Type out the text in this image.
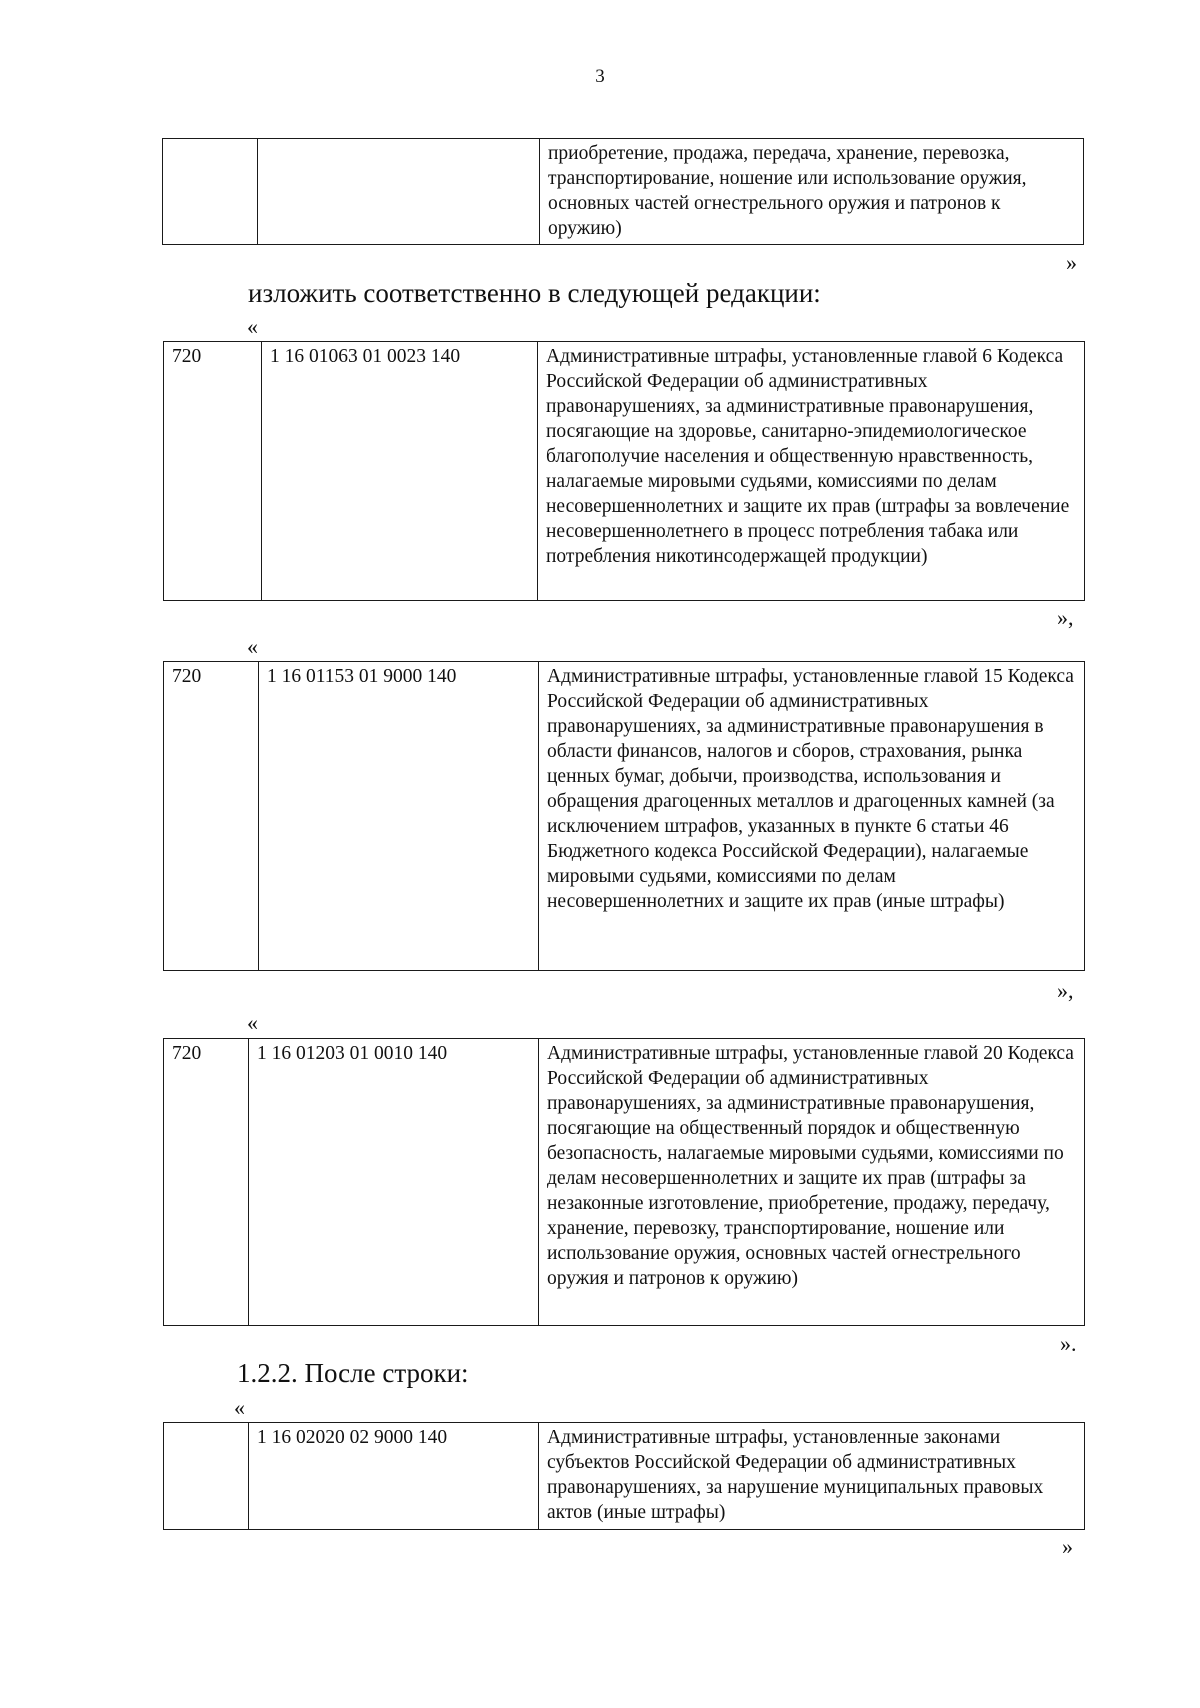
3
		приобретение, продажа, передача, хранение, перевозка, транспортирование, ношение или использование оружия, основных частей огнестрельного оружия и патронов к оружию)
»
изложить соответственно в следующей редакции:
«
720	1 16 01063 01 0023 140	Административные штрафы, установленные главой 6 Кодекса Российской Федерации об административных правонарушениях, за административные правонарушения, посягающие на здоровье, санитарно-эпидемиологическое благополучие населения и общественную нравственность, налагаемые мировыми судьями, комиссиями по делам несовершеннолетних и защите их прав (штрафы за вовлечение несовершеннолетнего в процесс потребления табака или потребления никотинсодержащей продукции)
»,
«
720	1 16 01153 01 9000 140	Административные штрафы, установленные главой 15 Кодекса Российской Федерации об административных правонарушениях, за административные правонарушения в области финансов, налогов и сборов, страхования, рынка ценных бумаг, добычи, производства, использования и обращения драгоценных металлов и драгоценных камней (за исключением штрафов, указанных в пункте 6 статьи 46 Бюджетного кодекса Российской Федерации), налагаемые мировыми судьями, комиссиями по делам несовершеннолетних и защите их прав (иные штрафы)
»,
«
720	1 16 01203 01 0010 140	Административные штрафы, установленные главой 20 Кодекса Российской Федерации об административных правонарушениях, за административные правонарушения, посягающие на общественный порядок и общественную безопасность, налагаемые мировыми судьями, комиссиями по делам несовершеннолетних и защите их прав (штрафы за незаконные изготовление, приобретение, продажу, передачу, хранение, перевозку, транспортирование, ношение или использование оружия, основных частей огнестрельного оружия и патронов к оружию)
».
1.2.2. После строки:
«
	1 16 02020 02 9000 140	Административные штрафы, установленные законами субъектов Российской Федерации об административных правонарушениях, за нарушение муниципальных правовых актов (иные штрафы)
»
